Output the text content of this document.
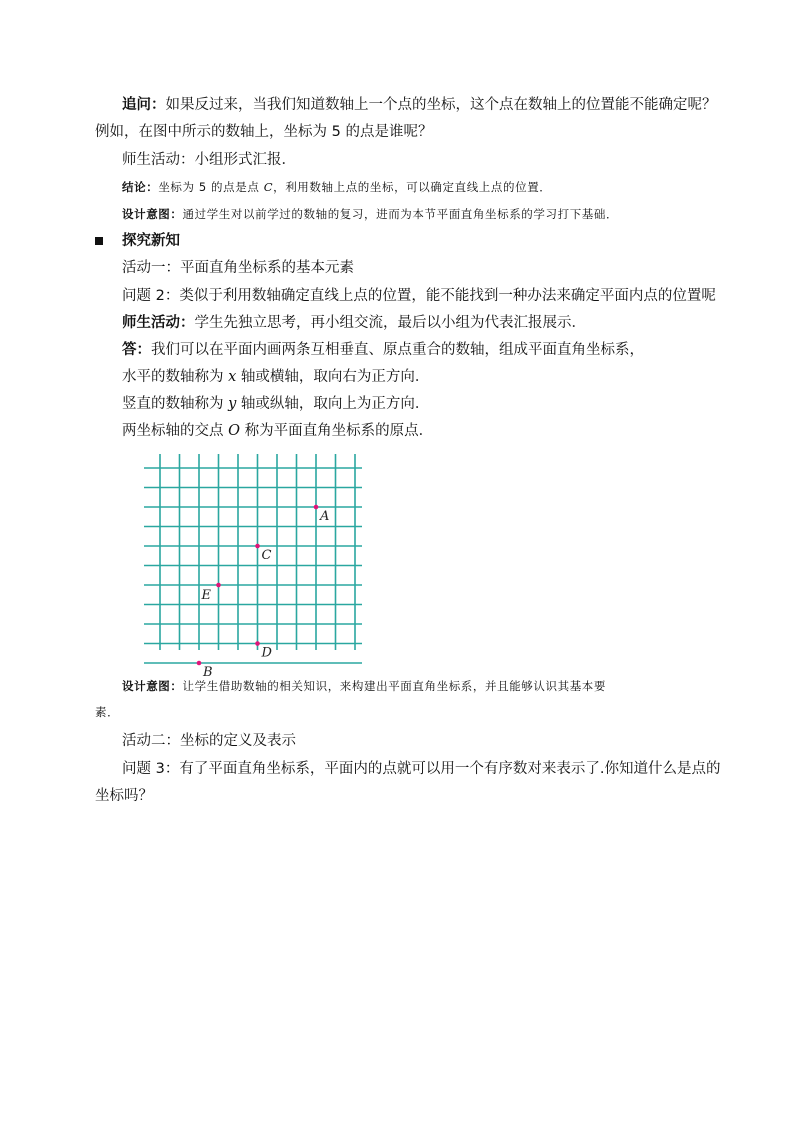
追问：如果反过来，当我们知道数轴上一个点的坐标，这个点在数轴上的位置能不能确定呢？
例如，在图中所示的数轴上，坐标为 5 的点是谁呢？
师生活动：小组形式汇报．
结论：坐标为 5 的点是点 C，利用数轴上点的坐标，可以确定直线上点的位置．
设计意图：通过学生对以前学过的数轴的复习，进而为本节平面直角坐标系的学习打下基础．
探究新知
活动一：平面直角坐标系的基本元素
问题 2：类似于利用数轴确定直线上点的位置，能不能找到一种办法来确定平面内点的位置呢
师生活动：学生先独立思考，再小组交流，最后以小组为代表汇报展示．
答：我们可以在平面内画两条互相垂直、原点重合的数轴，组成平面直角坐标系，
水平的数轴称为 x 轴或横轴，取向右为正方向．
竖直的数轴称为 y 轴或纵轴，取向上为正方向．
两坐标轴的交点 O 称为平面直角坐标系的原点．
A
C
E
D
B
设计意图：让学生借助数轴的相关知识，来构建出平面直角坐标系，并且能够认识其基本要
素．
活动二：坐标的定义及表示
问题 3：有了平面直角坐标系，平面内的点就可以用一个有序数对来表示了.你知道什么是点的
坐标吗？
